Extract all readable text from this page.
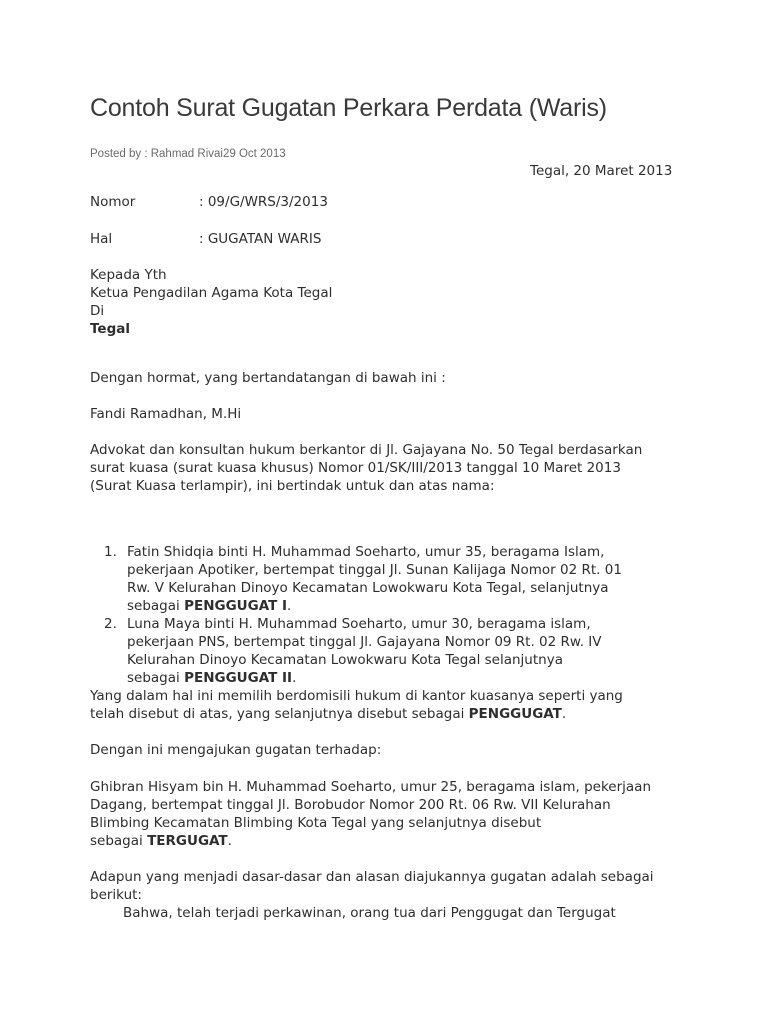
Contoh Surat Gugatan Perkara Perdata (Waris)
Posted by : Rahmad Rivai29 Oct 2013
Tegal, 20 Maret 2013
Nomor	: 09/G/WRS/3/2013
Hal	: GUGATAN WARIS
Kepada Yth
Ketua Pengadilan Agama Kota Tegal
Di
Tegal
Dengan hormat, yang bertandatangan di bawah ini :
Fandi Ramadhan, M.Hi
Advokat dan konsultan hukum berkantor di Jl. Gajayana No. 50 Tegal berdasarkan
surat kuasa (surat kuasa khusus) Nomor 01/SK/III/2013 tanggal 10 Maret 2013
(Surat Kuasa terlampir), ini bertindak untuk dan atas nama:
1. Fatin Shidqia binti H. Muhammad Soeharto, umur 35, beragama Islam,
pekerjaan Apotiker, bertempat tinggal Jl. Sunan Kalijaga Nomor 02 Rt. 01
Rw. V Kelurahan Dinoyo Kecamatan Lowokwaru Kota Tegal, selanjutnya
sebagai PENGGUGAT I.
2. Luna Maya binti H. Muhammad Soeharto, umur 30, beragama islam,
pekerjaan PNS, bertempat tinggal Jl. Gajayana Nomor 09 Rt. 02 Rw. IV
Kelurahan Dinoyo Kecamatan Lowokwaru Kota Tegal selanjutnya
sebagai PENGGUGAT II.
Yang dalam hal ini memilih berdomisili hukum di kantor kuasanya seperti yang
telah disebut di atas, yang selanjutnya disebut sebagai PENGGUGAT.
Dengan ini mengajukan gugatan terhadap:
Ghibran Hisyam bin H. Muhammad Soeharto, umur 25, beragama islam, pekerjaan
Dagang, bertempat tinggal Jl. Borobudor Nomor 200 Rt. 06 Rw. VII Kelurahan
Blimbing Kecamatan Blimbing Kota Tegal yang selanjutnya disebut
sebagai TERGUGAT.
Adapun yang menjadi dasar-dasar dan alasan diajukannya gugatan adalah sebagai
berikut:
Bahwa, telah terjadi perkawinan, orang tua dari Penggugat dan Tergugat
